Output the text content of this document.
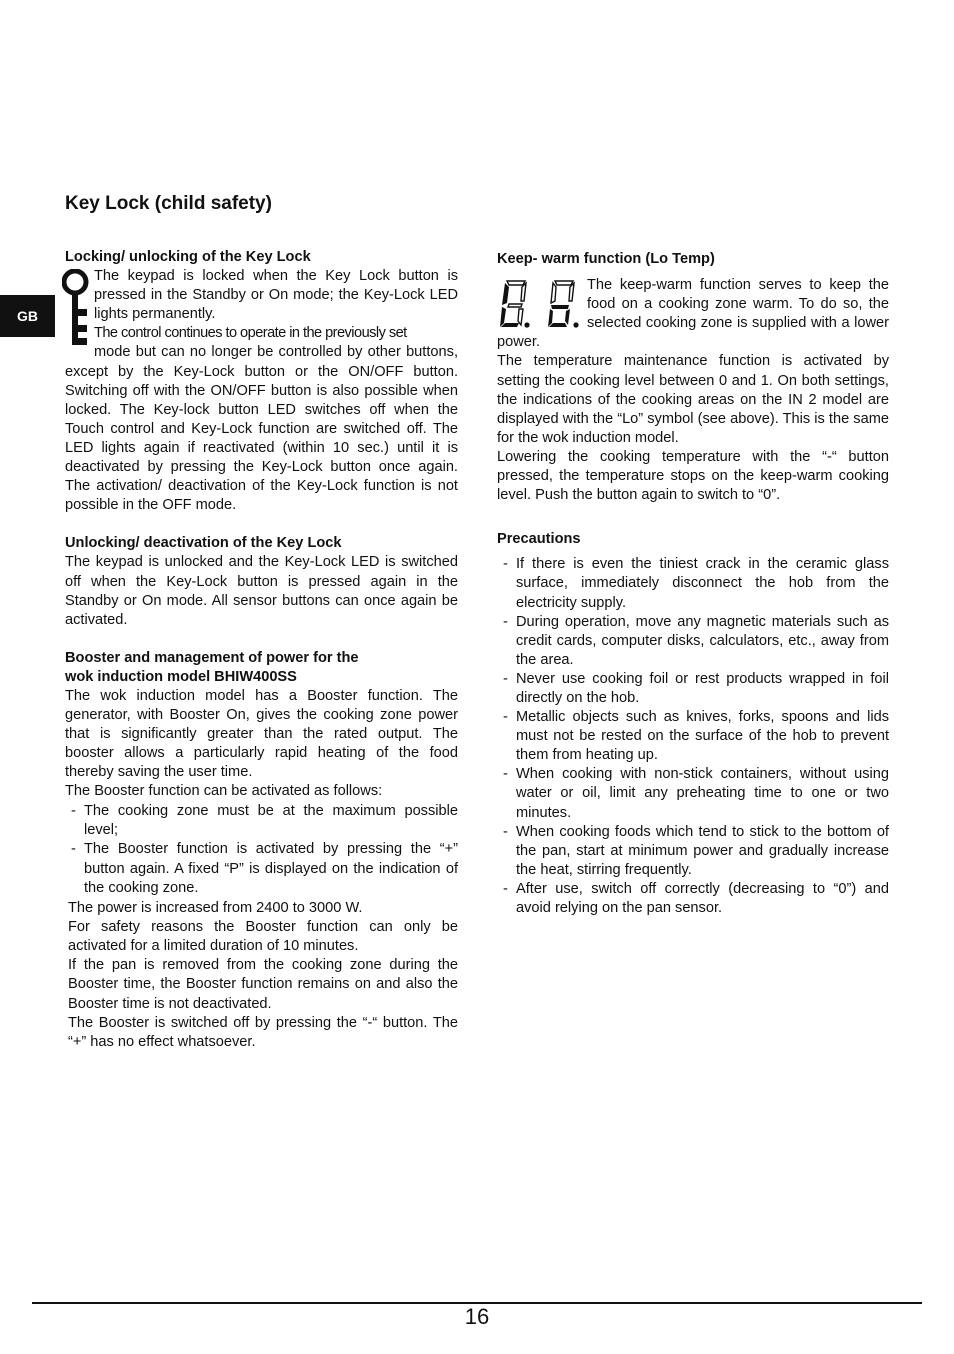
GB
Key Lock (child safety)

Locking/ unlocking of the Key Lock

The keypad is locked when the Key Lock button is pressed in the Standby or On mode; the Key-Lock LED lights permanently.

The control continues to operate in the previously set

mode but can no longer be controlled by other buttons, except by the Key-Lock button or the ON/OFF button. Switching off with the ON/OFF button is also possible when locked. The Key-lock button LED switches off when the Touch control and Key-Lock function are switched off. The LED lights again if reactivated (within 10 sec.) until it is deactivated by pressing the Key-Lock button once again. The activation/ deactivation of the Key-Lock function is not possible in the OFF mode.

Unlocking/ deactivation of the Key Lock

The keypad is unlocked and the Key-Lock LED is switched off when the Key-Lock button is pressed again in the Standby or On mode. All sensor buttons can once again be activated.

Booster and management of power for the

wok induction model BHIW400SS

The wok induction model has a Booster function. The generator, with Booster On, gives the cooking zone power that is significantly greater than the rated output. The booster allows a particularly rapid heating of the food thereby saving the user time.

The Booster function can be activated as follows:

- The cooking zone must be at the maximum possible level;
- The Booster function is activated by pressing the “+” button again. A fixed “P” is displayed on the indication of the cooking zone.

The power is increased from 2400 to 3000 W.

For safety reasons the Booster function can only be activated for a limited duration of 10 minutes.

If the pan is removed from the cooking zone during the Booster time, the Booster function remains on and also the Booster time is not deactivated.

The Booster is switched off by pressing the “-“ button. The “+” has no effect whatsoever.

Keep- warm function (Lo Temp)

The keep-warm function serves to keep the food on a cooking zone warm. To do so, the selected cooking zone is supplied with a lower power.

The temperature maintenance function is activated by setting the cooking level between 0 and 1. On both settings, the indications of the cooking areas on the IN 2 model are displayed with the “Lo” symbol (see above). This is the same for the wok induction model.

Lowering the cooking temperature with the “-“ button pressed, the temperature stops on the keep-warm cooking level. Push the button again to switch to “0”.

Precautions

- If there is even the tiniest crack in the ceramic glass surface, immediately disconnect the hob from the electricity supply.
- During operation, move any magnetic materials such as credit cards, computer disks, calculators, etc., away from the area.
- Never use cooking foil or rest products wrapped in foil directly on the hob.
- Metallic objects such as knives, forks, spoons and lids must not be rested on the surface of the hob to prevent them from heating up.
- When cooking with non-stick containers, without using water or oil, limit any preheating time to one or two minutes.
- When cooking foods which tend to stick to the bottom of the pan, start at minimum power and gradually increase the heat, stirring frequently.
- After use, switch off correctly (decreasing to “0”) and avoid relying on the pan sensor.
16
